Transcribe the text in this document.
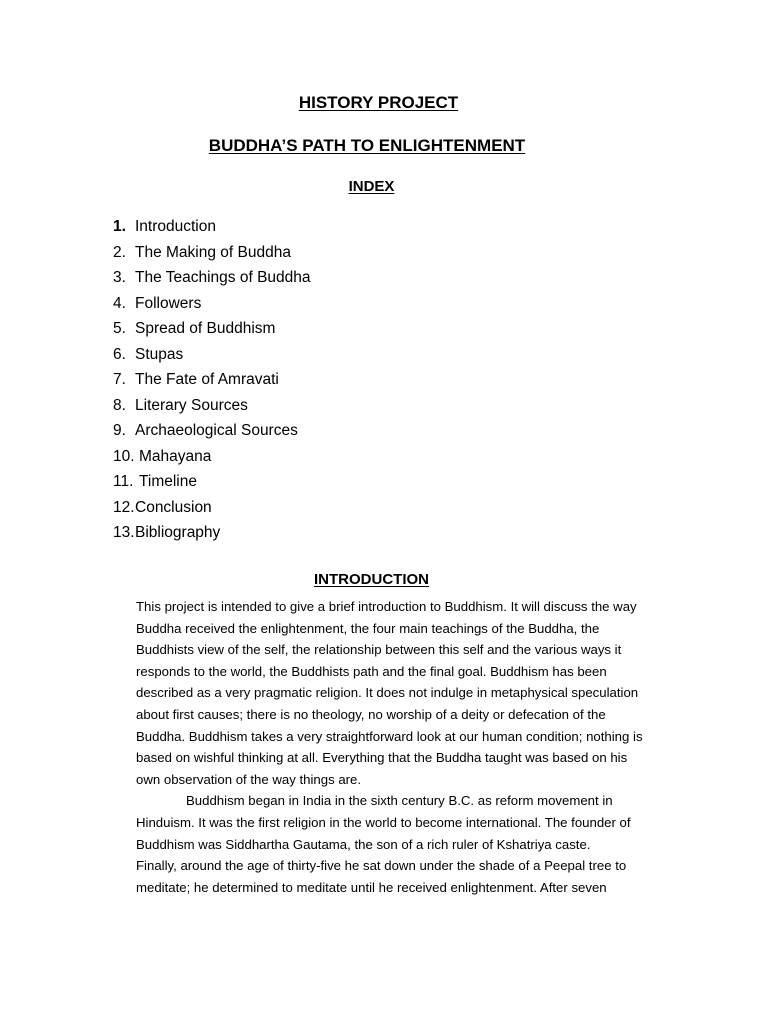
HISTORY PROJECT
BUDDHA’S PATH TO ENLIGHTENMENT
INDEX
1. Introduction
2. The Making of Buddha
3. The Teachings of Buddha
4. Followers
5. Spread of Buddhism
6. Stupas
7. The Fate of Amravati
8. Literary Sources
9. Archaeological Sources
10. Mahayana
11. Timeline
12. Conclusion
13. Bibliography
INTRODUCTION
This project is intended to give a brief introduction to Buddhism. It will discuss the way
Buddha received the enlightenment, the four main teachings of the Buddha, the
Buddhists view of the self, the relationship between this self and the various ways it
responds to the world, the Buddhists path and the final goal. Buddhism has been
described as a very pragmatic religion. It does not indulge in metaphysical speculation
about first causes; there is no theology, no worship of a deity or defecation of the
Buddha. Buddhism takes a very straightforward look at our human condition; nothing is
based on wishful thinking at all. Everything that the Buddha taught was based on his
own observation of the way things are.
Buddhism began in India in the sixth century B.C. as reform movement in
Hinduism. It was the first religion in the world to become international. The founder of
Buddhism was Siddhartha Gautama, the son of a rich ruler of Kshatriya caste.
Finally, around the age of thirty-five he sat down under the shade of a Peepal tree to
meditate; he determined to meditate until he received enlightenment. After seven
